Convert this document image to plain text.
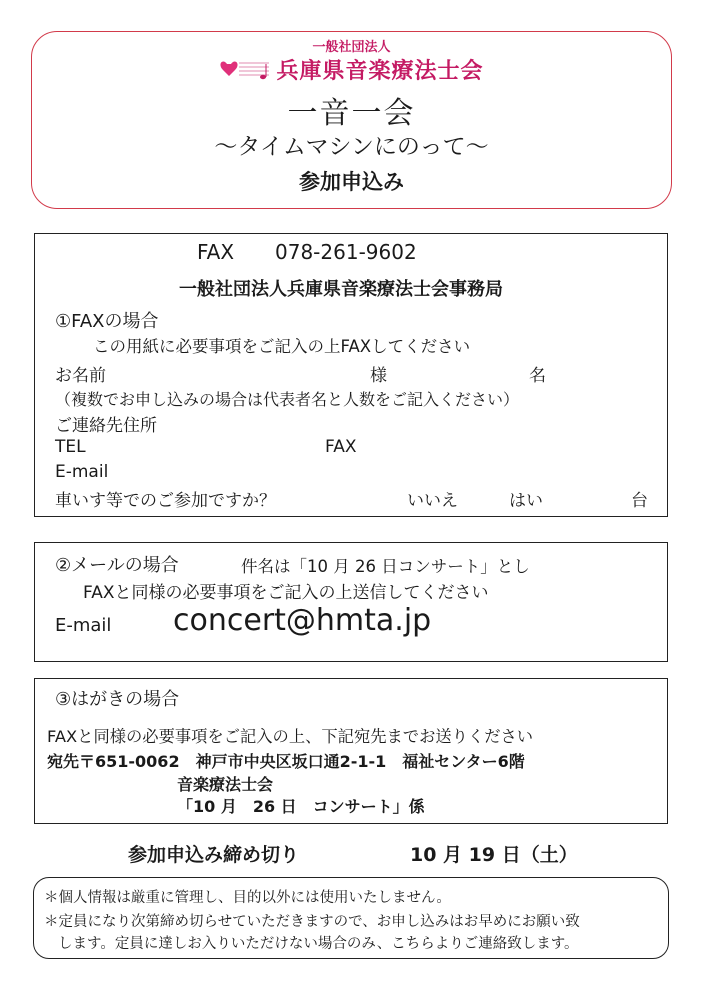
一般社団法人
兵庫県音楽療法士会
一音一会
～タイムマシンにのって～
参加申込み
FAX 078-261-9602
一般社団法人兵庫県音楽療法士会事務局
①FAXの場合
この用紙に必要事項をご記入の上FAXしてください
お名前	様	名
（複数でお申し込みの場合は代表者名と人数をご記入ください）
ご連絡先住所
TEL	FAX
E-mail
車いす等でのご参加ですか？	いいえ	はい	台
②メールの場合	件名は「10 月 26 日コンサート」とし
FAXと同様の必要事項をご記入の上送信してください
E-mail concert@hmta.jp
③はがきの場合
FAXと同様の必要事項をご記入の上、下記宛先までお送りください
宛先〒651-0062　神戸市中央区坂口通2-1-1　福祉センター6階
音楽療法士会
「10 月　26 日　コンサート」係
参加申込み締め切り	10 月 19 日（土）
＊個人情報は厳重に管理し、目的以外には使用いたしません。
＊定員になり次第締め切らせていただきますので、お申し込みはお早めにお願い致
します。定員に達しお入りいただけない場合のみ、こちらよりご連絡致します。
